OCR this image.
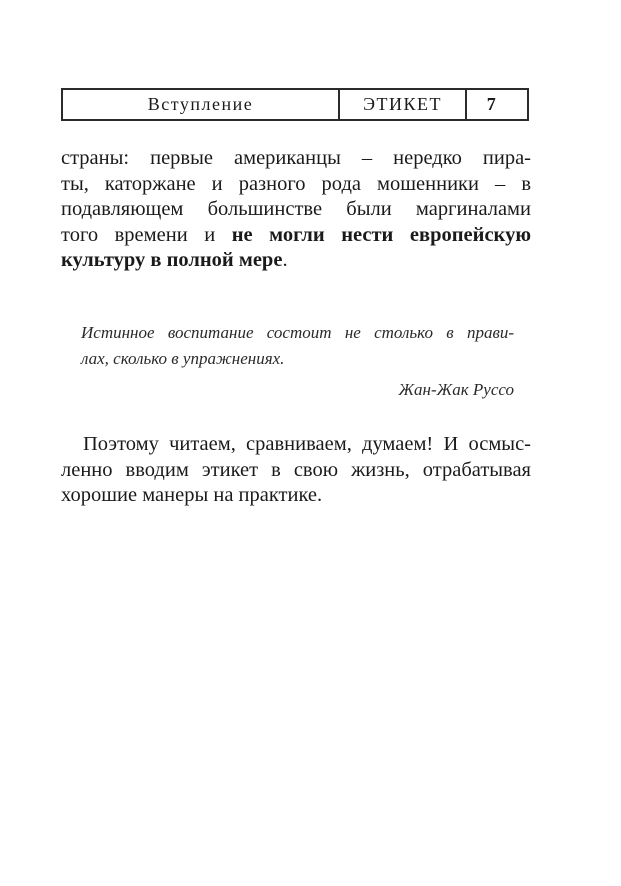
Вступление	ЭТИКЕТ	7
страны: первые американцы – нередко пира-
ты, каторжане и разного рода мошенники – в
подавляющем большинстве были маргиналами
того времени и не могли нести европейскую
культуру в полной мере.
Истинное воспитание состоит не столько в прави-
лах, сколько в упражнениях.
Жан-Жак Руссо
Поэтому читаем, сравниваем, думаем! И осмыс-
ленно вводим этикет в свою жизнь, отрабатывая
хорошие манеры на практике.
